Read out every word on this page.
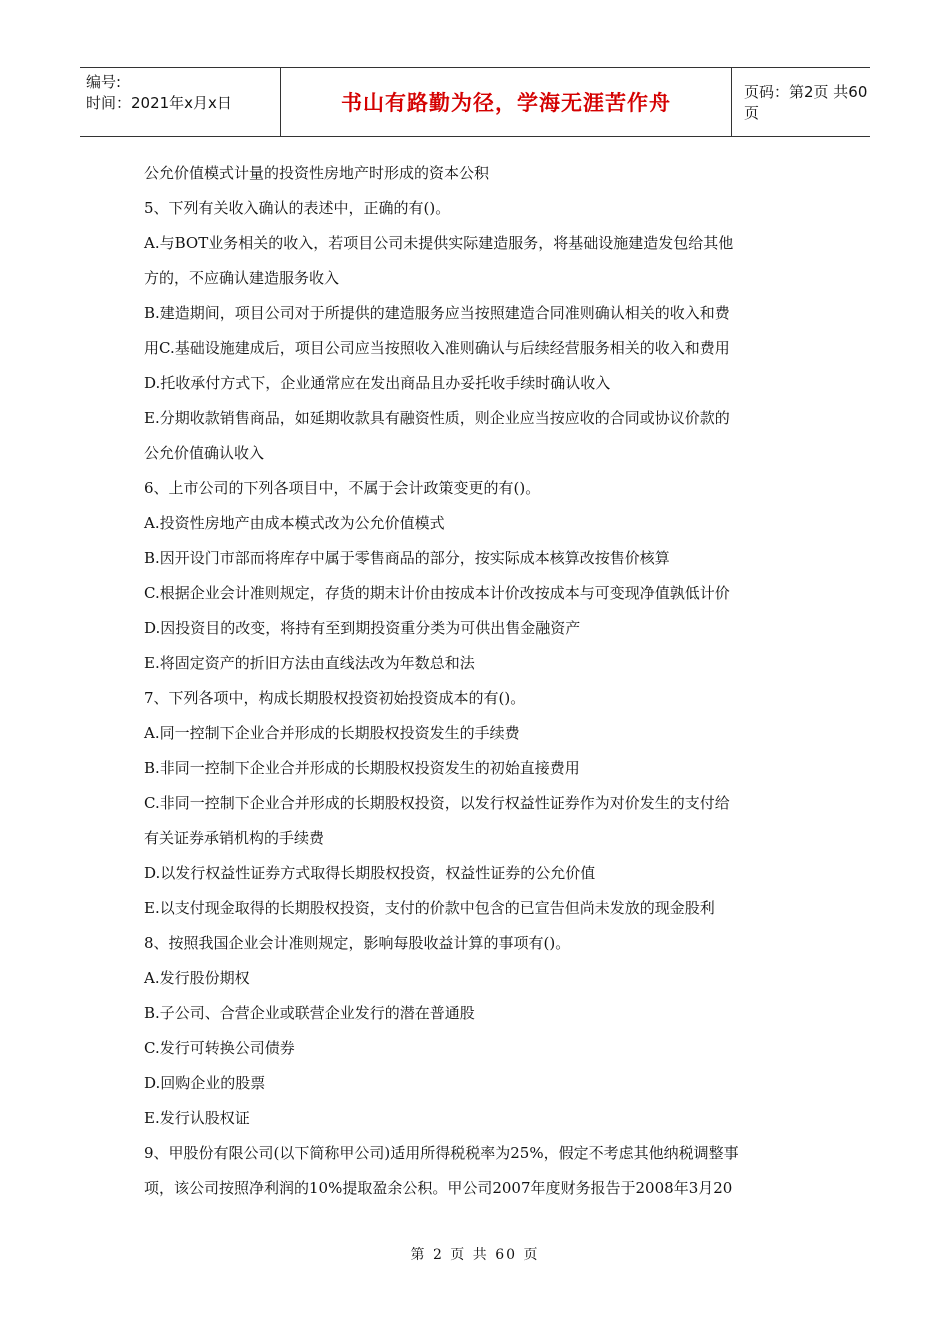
编号:
时间：2021年x月x日	书山有路勤为径，学海无涯苦作舟	页码：第2页 共60页
公允价值模式计量的投资性房地产时形成的资本公积
5、下列有关收入确认的表述中，正确的有()。
A.与BOT业务相关的收入，若项目公司未提供实际建造服务，将基础设施建造发包给其他
方的，不应确认建造服务收入
B.建造期间，项目公司对于所提供的建造服务应当按照建造合同准则确认相关的收入和费
用C.基础设施建成后，项目公司应当按照收入准则确认与后续经营服务相关的收入和费用
D.托收承付方式下，企业通常应在发出商品且办妥托收手续时确认收入
E.分期收款销售商品，如延期收款具有融资性质，则企业应当按应收的合同或协议价款的
公允价值确认收入
6、上市公司的下列各项目中，不属于会计政策变更的有()。
A.投资性房地产由成本模式改为公允价值模式
B.因开设门市部而将库存中属于零售商品的部分，按实际成本核算改按售价核算
C.根据企业会计准则规定，存货的期末计价由按成本计价改按成本与可变现净值孰低计价
D.因投资目的改变，将持有至到期投资重分类为可供出售金融资产
E.将固定资产的折旧方法由直线法改为年数总和法
7、下列各项中，构成长期股权投资初始投资成本的有()。
A.同一控制下企业合并形成的长期股权投资发生的手续费
B.非同一控制下企业合并形成的长期股权投资发生的初始直接费用
C.非同一控制下企业合并形成的长期股权投资，以发行权益性证券作为对价发生的支付给
有关证券承销机构的手续费
D.以发行权益性证券方式取得长期股权投资，权益性证券的公允价值
E.以支付现金取得的长期股权投资，支付的价款中包含的已宣告但尚未发放的现金股利
8、按照我国企业会计准则规定，影响每股收益计算的事项有()。
A.发行股份期权
B.子公司、合营企业或联营企业发行的潜在普通股
C.发行可转换公司债券
D.回购企业的股票
E.发行认股权证
9、甲股份有限公司(以下简称甲公司)适用所得税税率为25%，假定不考虑其他纳税调整事
项，该公司按照净利润的10%提取盈余公积。甲公司2007年度财务报告于2008年3月20
第 2 页 共 60 页
